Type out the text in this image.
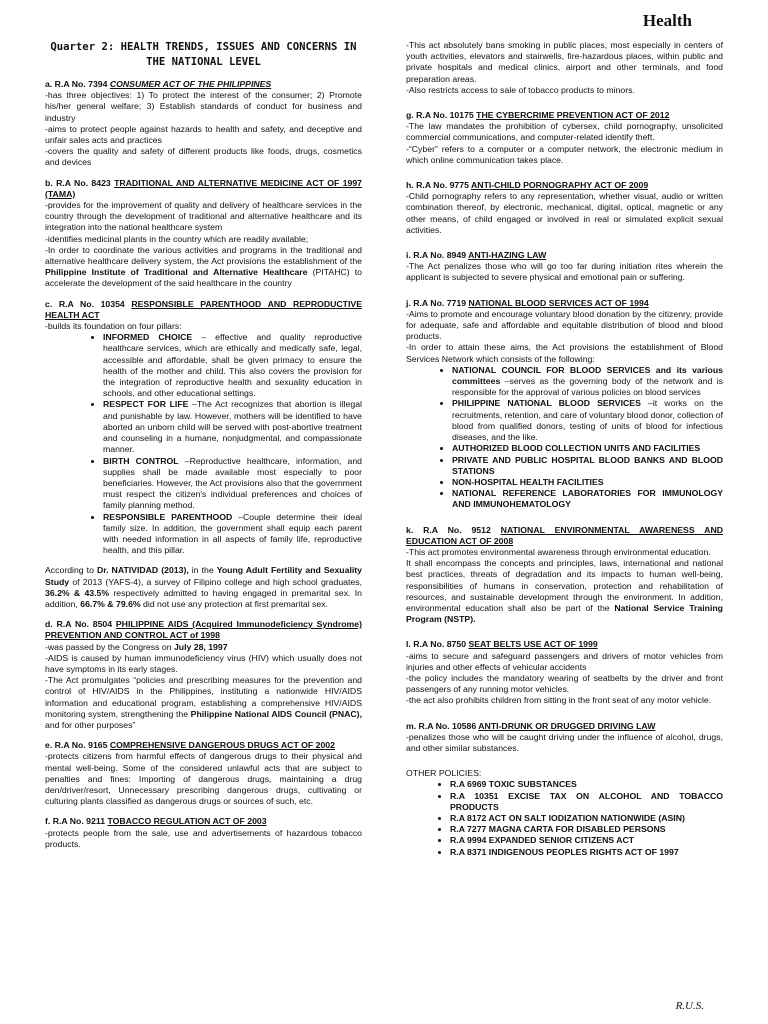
Health
Quarter 2: HEALTH TRENDS, ISSUES AND CONCERNS IN THE NATIONAL LEVEL

a. R.A No. 7394 CONSUMER ACT OF THE PHILIPPINES

-has three objectives: 1) To protect the interest of the consumer; 2) Promote his/her general welfare; 3) Establish standards of conduct for business and industry

-aims to protect people against hazards to health and safety, and deceptive and unfair sales acts and practices

-covers the quality and safety of different products like foods, drugs, cosmetics and devices

b. R.A No. 8423 TRADITIONAL AND ALTERNATIVE MEDICINE ACT OF 1997 (TAMA)

-provides for the improvement of quality and delivery of healthcare services in the country through the development of traditional and alternative healthcare and its integration into the national healthcare system

-identifies medicinal plants in the country which are readily available;

-In order to coordinate the various activities and programs in the traditional and alternative healthcare delivery system, the Act provisions the establishment of the Philippine Institute of Traditional and Alternative Healthcare (PITAHC) to accelerate the development of the said healthcare in the country

c. R.A No. 10354 RESPONSIBLE PARENTHOOD AND REPRODUCTIVE HEALTH ACT

-builds its foundation on four pillars:

• INFORMED CHOICE – effective and quality reproductive healthcare services, which are ethically and medically safe, legal, accessible and affordable, shall be given primacy to ensure the health of the mother and child. This also covers the provision for the integration of reproductive health and sexuality education in schools, and other educational settings.
• RESPECT FOR LIFE –The Act recognizes that abortion is illegal and punishable by law. However, mothers will be identified to have aborted an unborn child will be served with post-abortive treatment and counseling in a humane, nonjudgmental, and compassionate manner.
• BIRTH CONTROL –Reproductive healthcare, information, and supplies shall be made available most especially to poor beneficiaries. However, the Act provisions also that the government must respect the citizen's individual preferences and choices of family planning method.
• RESPONSIBLE PARENTHOOD –Couple determine their ideal family size. In addition, the government shall equip each parent with needed information in all aspects of family life, reproductive health, and this pillar.

According to Dr. NATIVIDAD (2013), in the Young Adult Fertility and Sexuality Study of 2013 (YAFS-4), a survey of Filipino college and high school graduates, 36.2% & 43.5% respectively admitted to having engaged in premarital sex. In addition, 66.7% & 79.6% did not use any protection at first premarital sex.

d. R.A No. 8504 PHILIPPINE AIDS (Acquired Immunodeficiency Syndrome) PREVENTION AND CONTROL ACT of 1998

-was passed by the Congress on July 28, 1997

-AIDS is caused by human immunodeficiency virus (HIV) which usually does not have symptoms in its early stages.

-The Act promulgates “policies and prescribing measures for the prevention and control of HIV/AIDS in the Philippines, instituting a nationwide HIV/AIDS information and educational program, establishing a comprehensive HIV/AIDS monitoring system, strengthening the Philippine National AIDS Council (PNAC), and for other purposes”

e. R.A No. 9165 COMPREHENSIVE DANGEROUS DRUGS ACT OF 2002

-protects citizens from harmful effects of dangerous drugs to their physical and mental well-being. Some of the considered unlawful acts that are subject to penalties and fines: Importing of dangerous drugs, maintaining a drug den/driver/resort, Unnecessary prescribing dangerous drugs, cultivating or culturing plants classified as dangerous drugs or sources of such, etc.

f. R.A No. 9211 TOBACCO REGULATION ACT OF 2003

-protects people from the sale, use and advertisements of hazardous tobacco products.

-This act absolutely bans smoking in public places, most especially in centers of youth activities, elevators and stairwells, fire-hazardous places, within public and private hospitals and medical clinics, airport and other terminals, and food preparation areas.

-Also restricts access to sale of tobacco products to minors.

g. R.A No. 10175 THE CYBERCRIME PREVENTION ACT OF 2012

-The law mandates the prohibition of cybersex, child pornography, unsolicited commercial communications, and computer-related identify theft.

-“Cyber” refers to a computer or a computer network, the electronic medium in which online communication takes place.

h. R.A No. 9775 ANTI-CHILD PORNOGRAPHY ACT OF 2009

-Child pornography refers to any representation, whether visual, audio or written combination thereof, by electronic, mechanical, digital, optical, magnetic or any other means, of child engaged or involved in real or simulated explicit sexual activities.

i. R.A No. 8949 ANTI-HAZING LAW

-The Act penalizes those who will go too far during initiation rites wherein the applicant is subjected to severe physical and emotional pain or suffering.

j. R.A No. 7719 NATIONAL BLOOD SERVICES ACT OF 1994

-Aims to promote and encourage voluntary blood donation by the citizenry, provide for adequate, safe and affordable and equitable distribution of blood and blood products.

-In order to attain these aims, the Act provisions the establishment of Blood Services Network which consists of the following:

• NATIONAL COUNCIL FOR BLOOD SERVICES and its various committees –serves as the governing body of the network and is responsible for the approval of various policies on blood services
• PHILIPPINE NATIONAL BLOOD SERVICES –it works on the recruitments, retention, and care of voluntary blood donor, collection of blood from qualified donors, testing of units of blood for infectious diseases, and the like.
• AUTHORIZED BLOOD COLLECTION UNITS AND FACILITIES
• PRIVATE AND PUBLIC HOSPITAL BLOOD BANKS AND BLOOD STATIONS
• NON-HOSPITAL HEALTH FACILITIES
• NATIONAL REFERENCE LABORATORIES FOR IMMUNOLOGY AND IMMUNOHEMATOLOGY

k. R.A No. 9512 NATIONAL ENVIRONMENTAL AWARENESS AND EDUCATION ACT OF 2008

-This act promotes environmental awareness through environmental education.

It shall encompass the concepts and principles, laws, international and national best practices, threats of degradation and its impacts to human well-being, responsibilities of humans in conservation, protection and rehabilitation of resources, and sustainable development through the environment. In addition, environmental education shall also be part of the National Service Training Program (NSTP).

l. R.A No. 8750 SEAT BELTS USE ACT OF 1999

-aims to secure and safeguard passengers and drivers of motor vehicles from injuries and other effects of vehicular accidents

-the policy includes the mandatory wearing of seatbelts by the driver and front passengers of any running motor vehicles.

-the act also prohibits children from sitting in the front seat of any motor vehicle.

m. R.A No. 10586 ANTI-DRUNK OR DRUGGED DRIVING LAW

-penalizes those who will be caught driving under the influence of alcohol, drugs, and other similar substances.

OTHER POLICIES:

• R.A 6969 TOXIC SUBSTANCES
• R.A 10351 EXCISE TAX ON ALCOHOL AND TOBACCO PRODUCTS
• R.A 8172 ACT ON SALT IODIZATION NATIONWIDE (ASIN)
• R.A 7277 MAGNA CARTA FOR DISABLED PERSONS
• R.A 9994 EXPANDED SENIOR CITIZENS ACT
• R.A 8371 INDIGENOUS PEOPLES RIGHTS ACT OF 1997
R.U.S.
